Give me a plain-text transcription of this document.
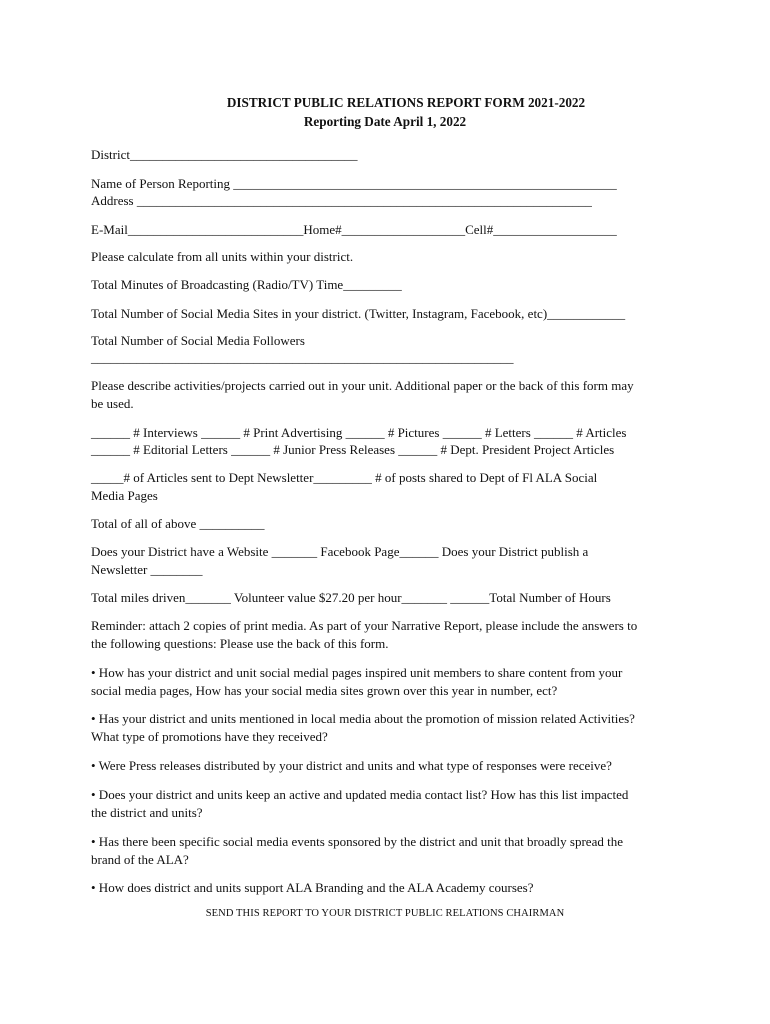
DISTRICT PUBLIC RELATIONS REPORT FORM 2021-2022
Reporting Date April 1, 2022
District___________________________________
Name of Person Reporting ___________________________________________________________
Address ______________________________________________________________________
E-Mail___________________________Home#___________________Cell#___________________
Please calculate from all units within your district.
Total Minutes of Broadcasting (Radio/TV) Time_________
Total Number of Social Media Sites in your district. (Twitter, Instagram, Facebook, etc)____________
Total Number of Social Media Followers
_________________________________________________________________
Please describe activities/projects carried out in your unit. Additional paper or the back of this form may
be used.
______ # Interviews ______ # Print Advertising ______ # Pictures ______ # Letters ______ # Articles
______ # Editorial Letters ______ # Junior Press Releases ______ # Dept. President Project Articles
_____# of Articles sent to Dept Newsletter_________ # of posts shared to Dept of Fl ALA Social
Media Pages
Total of all of above __________
Does your District have a Website _______ Facebook Page______ Does your District publish a
Newsletter ________
Total miles driven_______ Volunteer value $27.20 per hour_______ ______Total Number of Hours
Reminder: attach 2 copies of print media. As part of your Narrative Report, please include the answers to
the following questions: Please use the back of this form.
• How has your district and unit social medial pages inspired unit members to share content from your
social media pages, How has your social media sites grown over this year in number, ect?
• Has your district and units mentioned in local media about the promotion of mission related Activities?
What type of promotions have they received?
• Were Press releases distributed by your district and units and what type of responses were receive?
• Does your district and units keep an active and updated media contact list? How has this list impacted
the district and units?
• Has there been specific social media events sponsored by the district and unit that broadly spread the
brand of the ALA?
• How does district and units support ALA Branding and the ALA Academy courses?
SEND THIS REPORT TO YOUR DISTRICT PUBLIC RELATIONS CHAIRMAN
